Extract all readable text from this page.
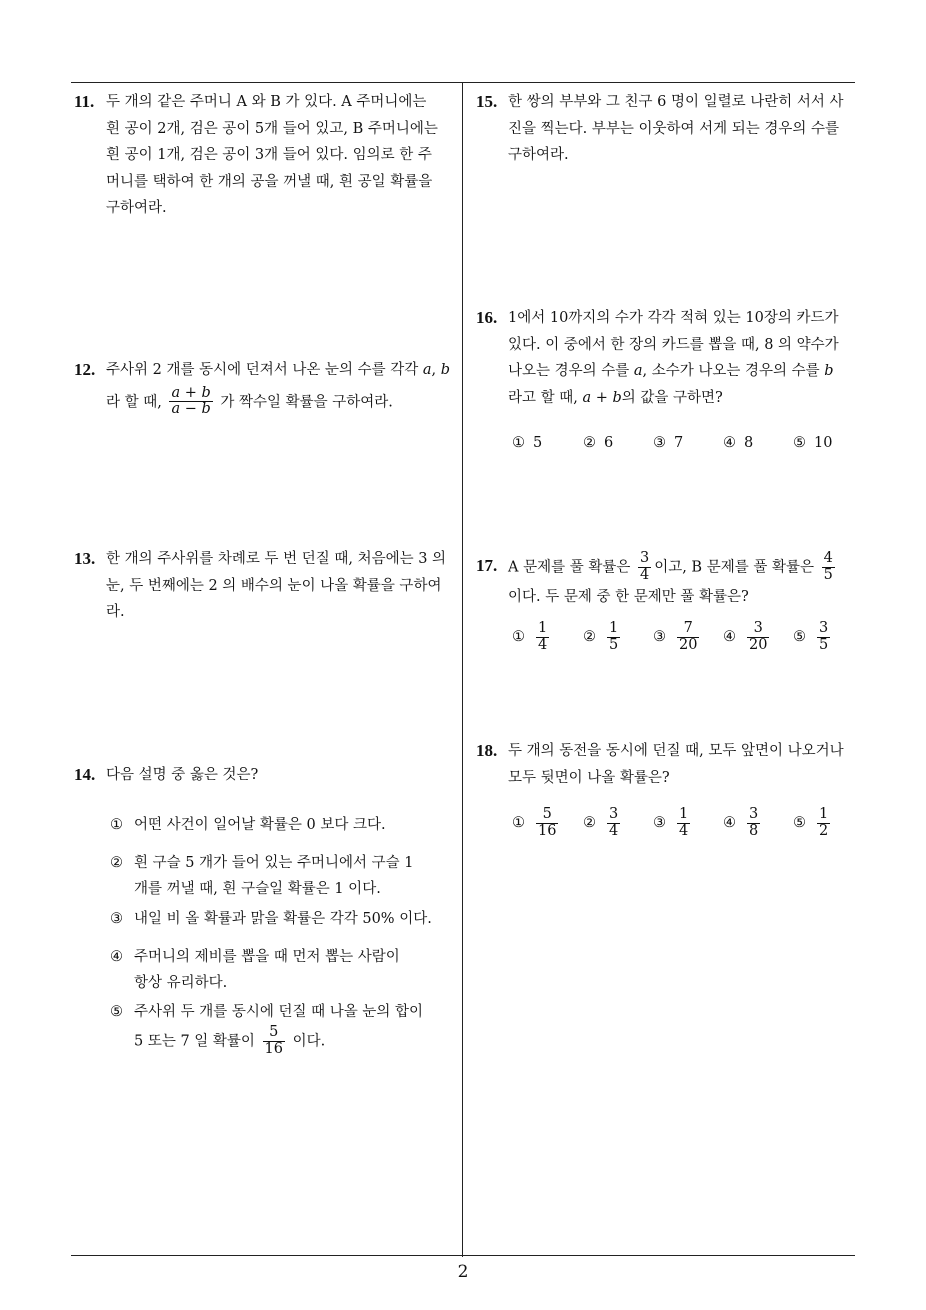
11. 두 개의 같은 주머니 A 와 B 가 있다. A 주머니에는
흰 공이 2개, 검은 공이 5개 들어 있고, B 주머니에는
흰 공이 1개, 검은 공이 3개 들어 있다. 임의로 한 주
머니를 택하여 한 개의 공을 꺼낼 때, 흰 공일 확률을
구하여라.
12. 주사위 2 개를 동시에 던져서 나온 눈의 수를 각각 a, b
라 할 때, $\frac{a + b}{a - b}$ 가 짝수일 확률을 구하여라.
13. 한 개의 주사위를 차례로 두 번 던질 때, 처음에는 3 의
눈, 두 번째에는 2 의 배수의 눈이 나올 확률을 구하여
라.
14. 다음 설명 중 옳은 것은?
① 어떤 사건이 일어날 확률은 0 보다 크다.
② 흰 구슬 5 개가 들어 있는 주머니에서 구슬 1
개를 꺼낼 때, 흰 구슬일 확률은 1 이다.
③ 내일 비 올 확률과 맑을 확률은 각각 50% 이다.
④ 주머니의 제비를 뽑을 때 먼저 뽑는 사람이
항상 유리하다.
⑤ 주사위 두 개를 동시에 던질 때 나올 눈의 합이
5 또는 7 일 확률이 $\frac{5}{16}$ 이다.
15. 한 쌍의 부부와 그 친구 6 명이 일렬로 나란히 서서 사
진을 찍는다. 부부는 이웃하여 서게 되는 경우의 수를
구하여라.
16. 1에서 10까지의 수가 각각 적혀 있는 10장의 카드가
있다. 이 중에서 한 장의 카드를 뽑을 때, 8 의 약수가
나오는 경우의 수를 a, 소수가 나오는 경우의 수를 b
라고 할 때, a + b의 값을 구하면?
① 5	② 6	③ 7	④ 8	⑤ 10
17. A 문제를 풀 확률은 $\frac{3}{4}$ 이고, B 문제를 풀 확률은 $\frac{4}{5}$
이다. 두 문제 중 한 문제만 풀 확률은?
① $\frac{1}{4}$ ② $\frac{1}{5}$ ③ $\frac{7}{20}$ ④ $\frac{3}{20}$ ⑤ $\frac{3}{5}$
18. 두 개의 동전을 동시에 던질 때, 모두 앞면이 나오거나
모두 뒷면이 나올 확률은?
① $\frac{5}{16}$ ② $\frac{3}{4}$ ③ $\frac{1}{4}$ ④ $\frac{3}{8}$ ⑤ $\frac{1}{2}$
2
